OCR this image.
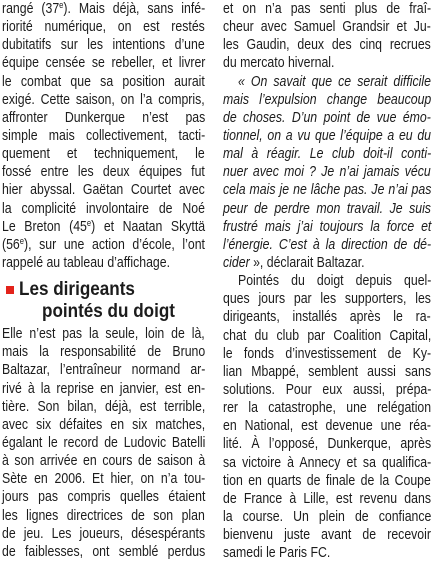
rangé (37e). Mais déjà, sans infé-
riorité numérique, on est restés
dubitatifs sur les intentions d’une
équipe censée se rebeller, et livrer
le combat que sa position aurait
exigé. Cette saison, on l’a compris,
affronter Dunkerque n’est pas
simple mais collectivement, tacti-
quement et techniquement, le
fossé entre les deux équipes fut
hier abyssal. Gaëtan Courtet avec
la complicité involontaire de Noé
Le Breton (45e) et Naatan Skyttä
(56e), sur une action d’école, l’ont
rappelé au tableau d’affichage.
Les dirigeants
pointés du doigt
Elle n’est pas la seule, loin de là,
mais la responsabilité de Bruno
Baltazar, l’entraîneur normand ar-
rivé à la reprise en janvier, est en-
tière. Son bilan, déjà, est terrible,
avec six défaites en six matches,
égalant le record de Ludovic Batelli
à son arrivée en cours de saison à
Sète en 2006. Et hier, on n’a tou-
jours pas compris quelles étaient
les lignes directrices de son plan
de jeu. Les joueurs, désespérants
de faiblesses, ont semblé perdus
et on n’a pas senti plus de fraî-
cheur avec Samuel Grandsir et Ju-
les Gaudin, deux des cinq recrues
du mercato hivernal.
« On savait que ce serait difficile
mais l’expulsion change beaucoup
de choses. D’un point de vue émo-
tionnel, on a vu que l’équipe a eu du
mal à réagir. Le club doit-il conti-
nuer avec moi ? Je n’ai jamais vécu
cela mais je ne lâche pas. Je n’ai pas
peur de perdre mon travail. Je suis
frustré mais j’ai toujours la force et
l’énergie. C’est à la direction de dé-
cider », déclarait Baltazar.
Pointés du doigt depuis quel-
ques jours par les supporters, les
dirigeants, installés après le ra-
chat du club par Coalition Capital,
le fonds d’investissement de Ky-
lian Mbappé, semblent aussi sans
solutions. Pour eux aussi, prépa-
rer la catastrophe, une relégation
en National, est devenue une réa-
lité. À l’opposé, Dunkerque, après
sa victoire à Annecy et sa qualifica-
tion en quarts de finale de la Coupe
de France à Lille, est revenu dans
la course. Un plein de confiance
bienvenu juste avant de recevoir
samedi le Paris FC.
